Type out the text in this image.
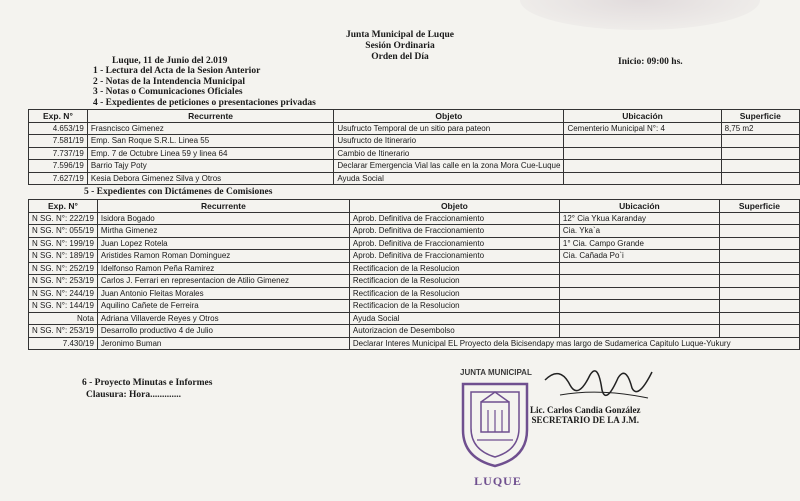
Junta Municipal de Luque
Sesión Ordinaria
Orden del Día
Luque, 11 de Junio del 2.019	Inicio: 09:00 hs.
1 - Lectura del Acta de la Sesion Anterior
2 - Notas de la Intendencia Municipal
3 - Notas o Comunicaciones Oficiales
4 - Expedientes de peticiones o presentaciones privadas
Exp. N°	Recurrente	Objeto	Ubicación	Superficie
4.653/19	Frasncisco Gimenez	Usufructo Temporal de un sitio para pateon	Cementerio Municipal N°: 4	8,75 m2
7.581/19	Emp. San Roque S.R.L. Linea 55	Usufructo de Itinerario		
7.737/19	Emp. 7 de Octubre Linea 59 y linea 64	Cambio de Itinerario		
7.596/19	Barrio Tajy Poty	Declarar Emergencia Vial las calle en la zona Mora Cue-Luque		
7.627/19	Kesia Debora Gimenez Silva y Otros	Ayuda Social		
5 - Expedientes con Dictámenes de Comisiones
Exp. N°	Recurrente	Objeto	Ubicación	Superficie
N SG. N°: 222/19	Isidora Bogado	Aprob. Definitiva de Fraccionamiento	12° Cia Ykua Karanday	
N SG. N°: 055/19	Mirtha Gimenez	Aprob. Definitiva de Fraccionamiento	Cia. Yka`a	
N SG. N°: 199/19	Juan Lopez Rotela	Aprob. Definitiva de Fraccionamiento	1° Cia. Campo Grande	
N SG. N°: 189/19	Aristides Ramon Roman Dominguez	Aprob. Definitiva de Fraccionamiento	Cia. Cañada Po`i	
N SG. N°: 252/19	Idelfonso Ramon Peña Ramirez	Rectificacion de la Resolucion		
N SG. N°: 253/19	Carlos J. Ferrari en representacion de Atilio Gimenez	Rectificacion de la Resolucion		
N SG. N°: 244/19	Juan Antonio Fleitas Morales	Rectificacion de la Resolucion		
N SG. N°: 144/19	Aquilino Cañete de Ferreira	Rectificacion de la Resolucion		
Nota	Adriana Villaverde Reyes y Otros	Ayuda Social		
N SG. N°: 253/19	Desarrollo productivo 4 de Julio	Autorizacion de Desembolso		
7.430/19	Jeronimo Buman	Declarar Interes Municipal EL Proyecto dela Bicisendapy mas largo de Sudamerica Capitulo Luque-Yukury		
6 - Proyecto Minutas e Informes
Clausura: Hora.............
JUNTA MUNICIPAL
LUQUE
Lic. Carlos Candia González
SECRETARIO DE LA J.M.
